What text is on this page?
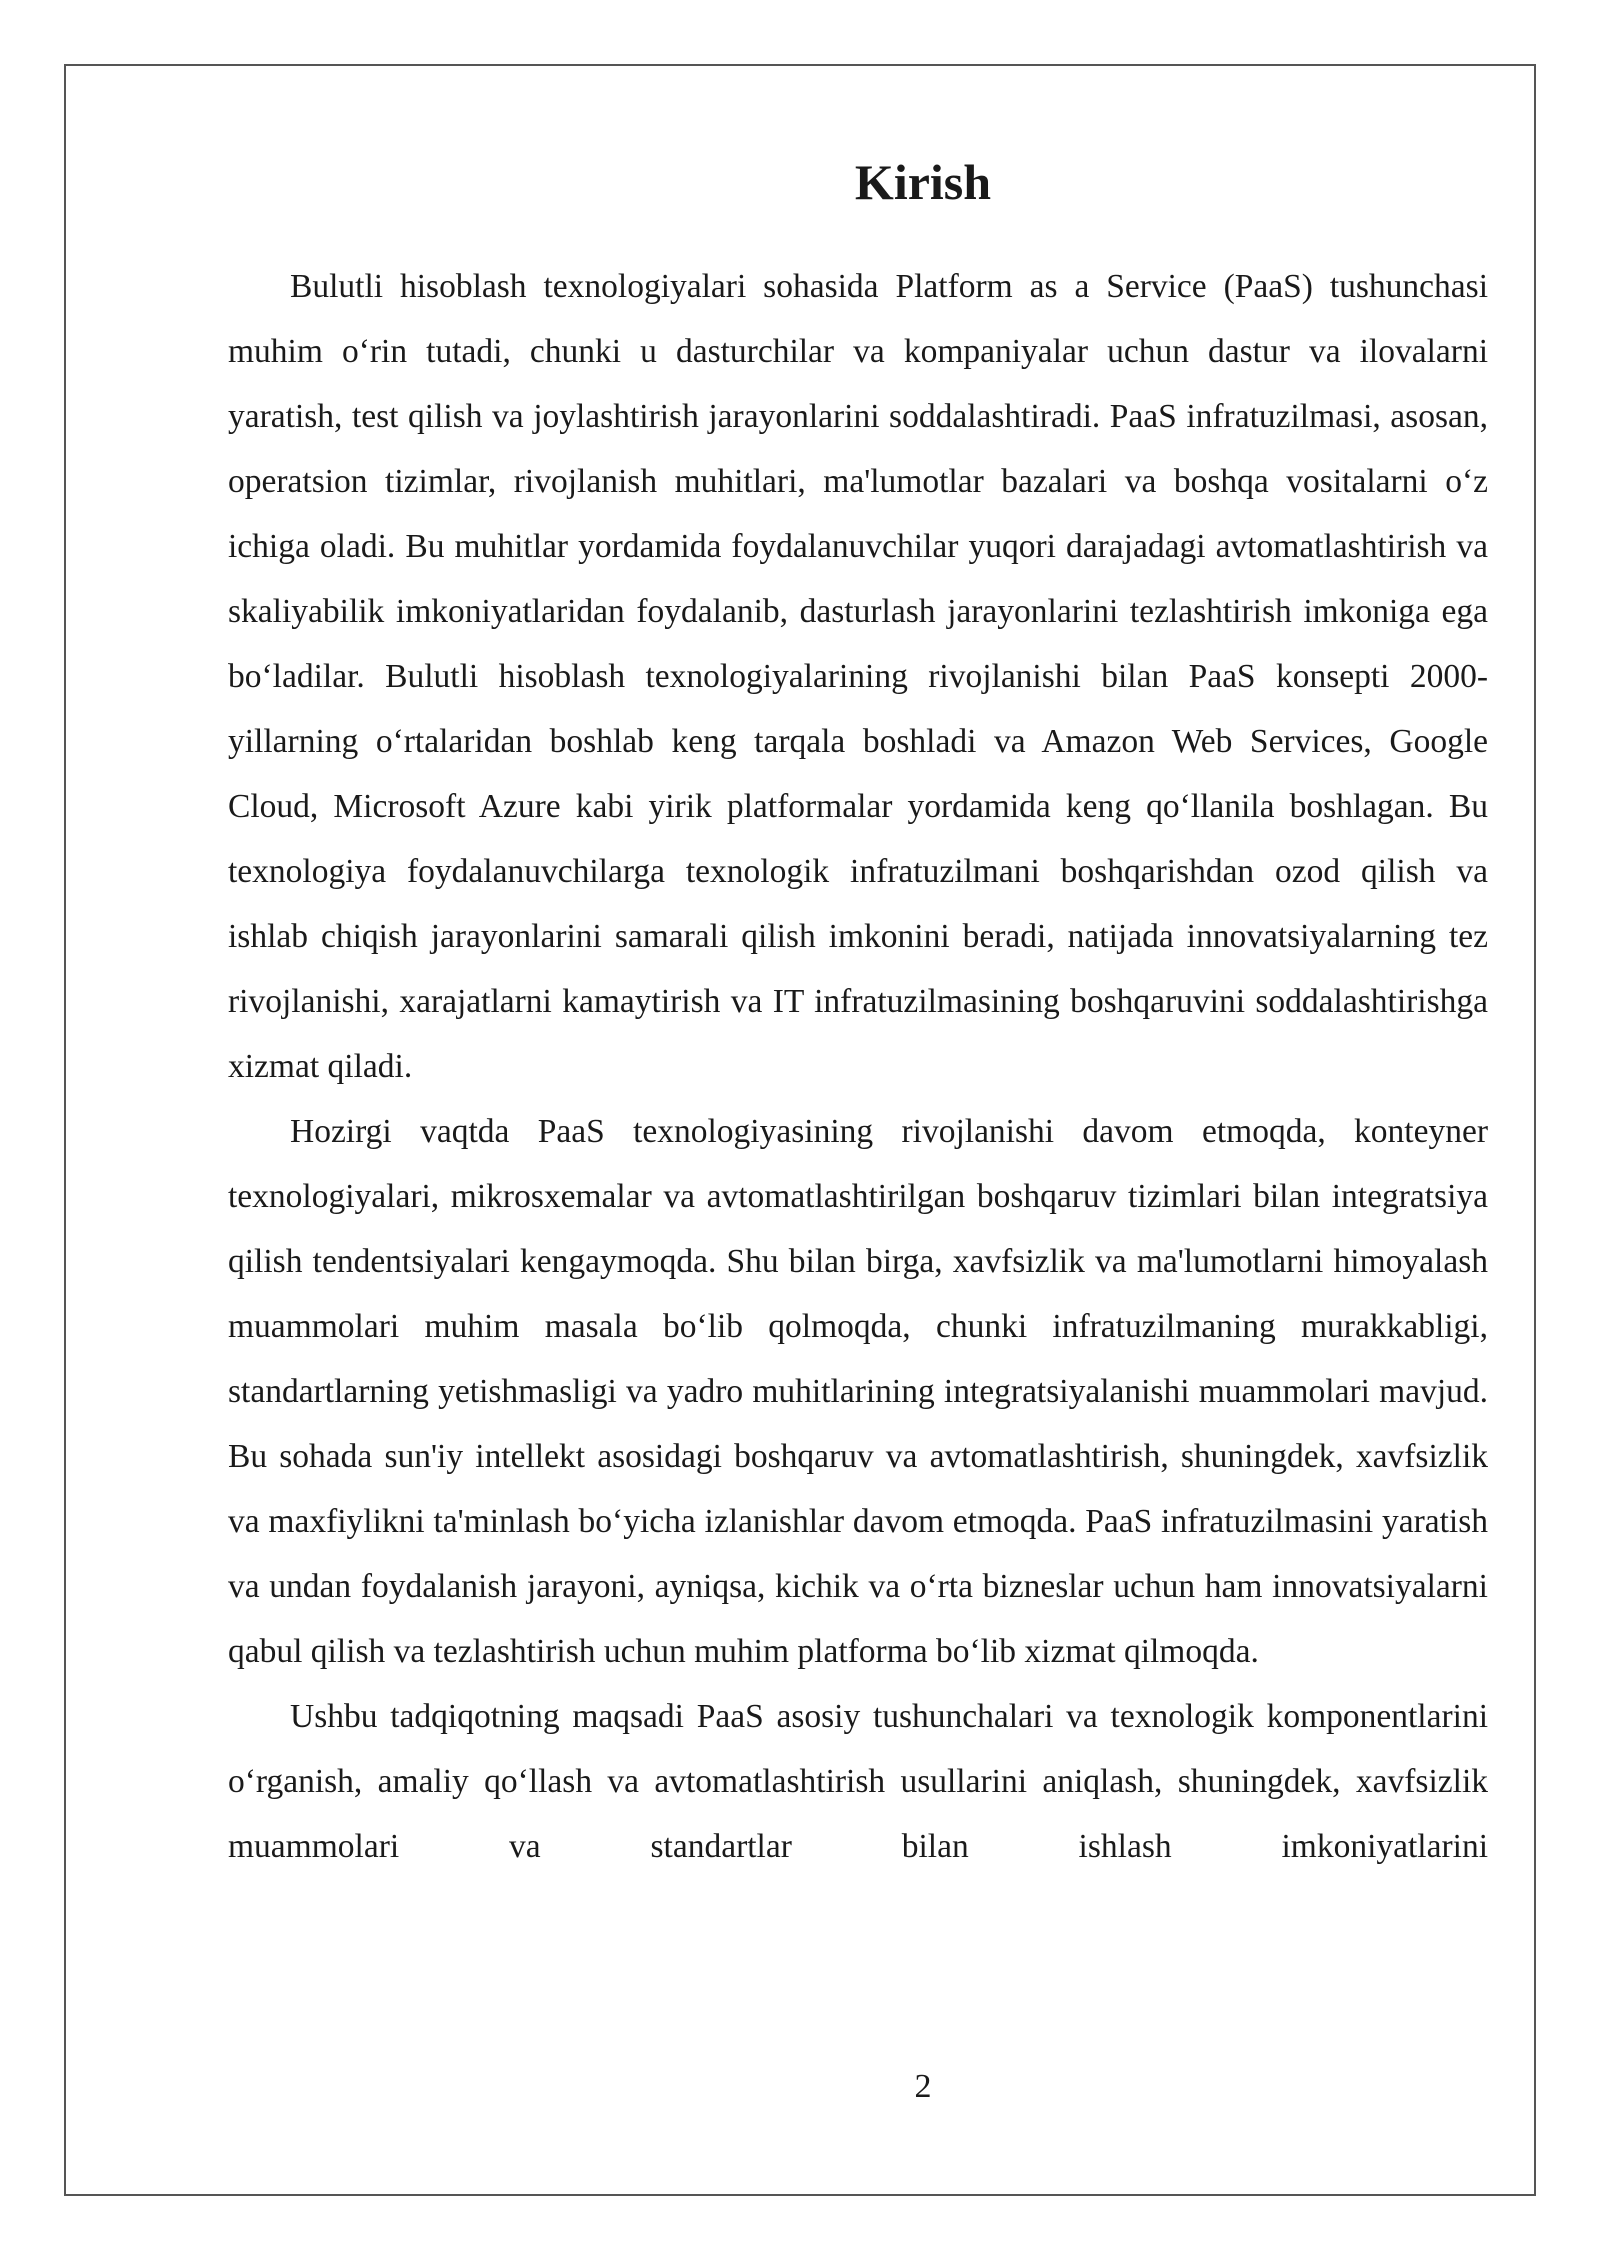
Kirish

Bulutli hisoblash texnologiyalari sohasida Platform as a Service (PaaS) tushunchasi muhim o‘rin tutadi, chunki u dasturchilar va kompaniyalar uchun dastur va ilovalarni yaratish, test qilish va joylashtirish jarayonlarini soddalashtiradi. PaaS infratuzilmasi, asosan, operatsion tizimlar, rivojlanish muhitlari, ma'lumotlar bazalari va boshqa vositalarni o‘z ichiga oladi. Bu muhitlar yordamida foydalanuvchilar yuqori darajadagi avtomatlashtirish va skaliyabilik imkoniyatlaridan foydalanib, dasturlash jarayonlarini tezlashtirish imkoniga ega bo‘ladilar. Bulutli hisoblash texnologiyalarining rivojlanishi bilan PaaS konsepti 2000-yillarning o‘rtalaridan boshlab keng tarqala boshladi va Amazon Web Services, Google Cloud, Microsoft Azure kabi yirik platformalar yordamida keng qo‘llanila boshlagan. Bu texnologiya foydalanuvchilarga texnologik infratuzilmani boshqarishdan ozod qilish va ishlab chiqish jarayonlarini samarali qilish imkonini beradi, natijada innovatsiyalarning tez rivojlanishi, xarajatlarni kamaytirish va IT infratuzilmasining boshqaruvini soddalashtirishga xizmat qiladi.

Hozirgi vaqtda PaaS texnologiyasining rivojlanishi davom etmoqda, konteyner texnologiyalari, mikrosxemalar va avtomatlashtirilgan boshqaruv tizimlari bilan integratsiya qilish tendentsiyalari kengaymoqda. Shu bilan birga, xavfsizlik va ma'lumotlarni himoyalash muammolari muhim masala bo‘lib qolmoqda, chunki infratuzilmaning murakkabligi, standartlarning yetishmasligi va yadro muhitlarining integratsiyalanishi muammolari mavjud. Bu sohada sun'iy intellekt asosidagi boshqaruv va avtomatlashtirish, shuningdek, xavfsizlik va maxfiylikni ta'minlash bo‘yicha izlanishlar davom etmoqda. PaaS infratuzilmasini yaratish va undan foydalanish jarayoni, ayniqsa, kichik va o‘rta bizneslar uchun ham innovatsiyalarni qabul qilish va tezlashtirish uchun muhim platforma bo‘lib xizmat qilmoqda.

Ushbu tadqiqotning maqsadi PaaS asosiy tushunchalari va texnologik komponentlarini o‘rganish, amaliy qo‘llash va avtomatlashtirish usullarini aniqlash, shuningdek, xavfsizlik muammolari va standartlar bilan ishlash imkoniyatlarini

2
